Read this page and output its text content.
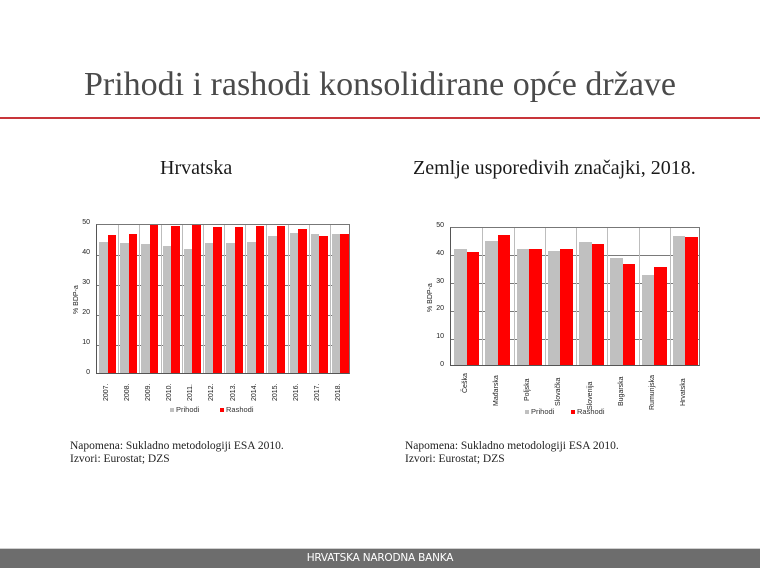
Prihodi i rashodi konsolidirane opće države
Hrvatska	Zemlje usporedivih značajki, 2018.
Napomena: Sukladno metodologiji ESA 2010.
Izvori: Eurostat; DZS
Napomena: Sukladno metodologiji ESA 2010.
Izvori: Eurostat; DZS
HRVATSKA NARODNA BANKA
0
10
20
30
40
50
% BDP-a
2007. 2008. 2009. 2010. 2011. 2012. 2013. 2014. 2015. 2016. 2017. 2018.
Prihodi	Rashodi
0
10
20
30
40
50
% BDP-a
Češka	Mađarska	Poljska	Slovačka	Slovenija	Bugarska	Rumunjska	Hrvatska
Prihodi	Rashodi
